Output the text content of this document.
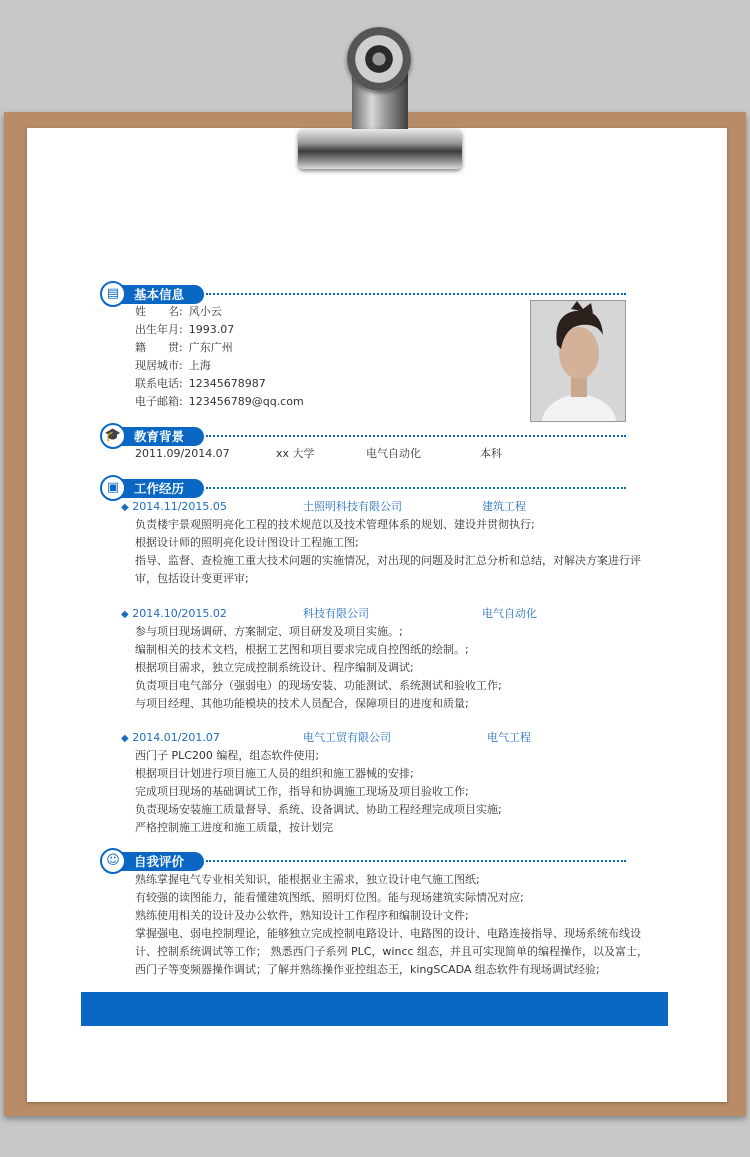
基本信息
▤
姓　　名: 风小云
出生年月: 1993.07
籍　　贯: 广东广州
现居城市: 上海
联系电话: 12345678987
电子邮箱: 123456789@qq.com
教育背景
🎓
2011.09/2014.07	xx 大学	电气自动化	本科
工作经历
▣
◆ 2014.11/2015.05	土照明科技有限公司	建筑工程
负责楼宇景观照明亮化工程的技术规范以及技术管理体系的规划、建设并贯彻执行;
根据设计师的照明亮化设计图设计工程施工图;
指导、监督、查检施工重大技术问题的实施情况，对出现的问题及时汇总分析和总结，对解决方案进行评
审，包括设计变更评审;
◆ 2014.10/2015.02	科技有限公司	电气自动化
参与项目现场调研、方案制定、项目研发及项目实施。;
编制相关的技术文档，根据工艺图和项目要求完成自控图纸的绘制。;
根据项目需求，独立完成控制系统设计、程序编制及调试;
负责项目电气部分（强弱电）的现场安装、功能测试、系统测试和验收工作;
与项目经理、其他功能模块的技术人员配合，保障项目的进度和质量;
◆ 2014.01/201.07	电气工贸有限公司	电气工程
西门子 PLC200 编程，组态软件使用;
根据项目计划进行项目施工人员的组织和施工器械的安排;
完成项目现场的基础调试工作，指导和协调施工现场及项目验收工作;
负责现场安装施工质量督导、系统、设备调试、协助工程经理完成项目实施;
严格控制施工进度和施工质量，按计划完
自我评价
☺
熟练掌握电气专业相关知识，能根据业主需求，独立设计电气施工图纸;
有较强的读图能力，能看懂建筑图纸、照明灯位图。能与现场建筑实际情况对应;
熟练使用相关的设计及办公软件，熟知设计工作程序和编制设计文件;
掌握强电、弱电控制理论，能够独立完成控制电路设计、电路图的设计、电路连接指导、现场系统布线设
计、控制系统调试等工作； 熟悉西门子系列 PLC，wincc 组态，并且可实现简单的编程操作，以及富士，
西门子等变频器操作调试；了解并熟练操作亚控组态王，kingSCADA 组态软件有现场调试经验;
